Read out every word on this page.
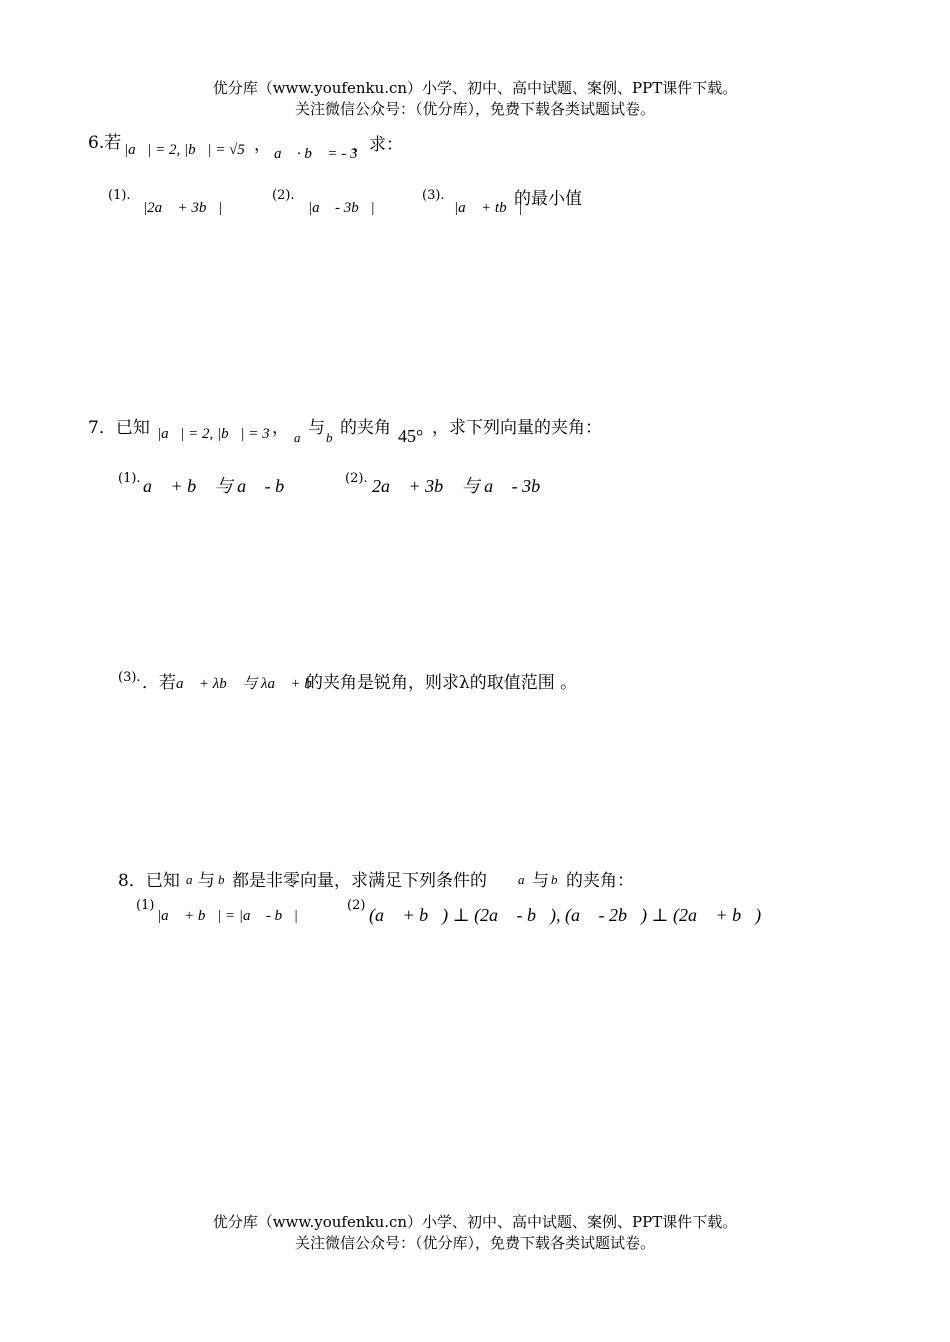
优分库（www.youfenku.cn）小学、初中、高中试题、案例、PPT课件下载。
关注微信公众号：（优分库），免费下载各类试题试卷。
6.若 |a⃗| = 2, |b⃗| = √5 ， a⃗ · b⃗ = - 3
，求：
(1).
|2a⃗ + 3b⃗|
(2).
|a⃗ - 3b⃗|
(3).
|a⃗ + tb⃗|
的最小值
7．已知 |a⃗| = 2, |b⃗| = 3 ， a⃗
与 b⃗
的夹角 45° ，求下列向量的夹角：
(1). a⃗ + b⃗ 与 a⃗ - b⃗	(2). 2a⃗ + 3b⃗ 与 a⃗ - 3b⃗
(3). ．若 a⃗ + λb⃗ 与 λa⃗ + b⃗
的夹角是锐角，则求λ的取值范围 。
8．已知 a⃗
与 b⃗
都是非零向量，求满足下列条件的 a⃗
与 b⃗
的夹角：
(1)
|a⃗ + b⃗| = |a⃗ - b⃗|
(2) (a⃗ + b⃗) ⊥ (2a⃗ - b⃗), (a⃗ - 2b⃗) ⊥ (2a⃗ + b⃗)
优分库（www.youfenku.cn）小学、初中、高中试题、案例、PPT课件下载。
关注微信公众号：（优分库），免费下载各类试题试卷。
